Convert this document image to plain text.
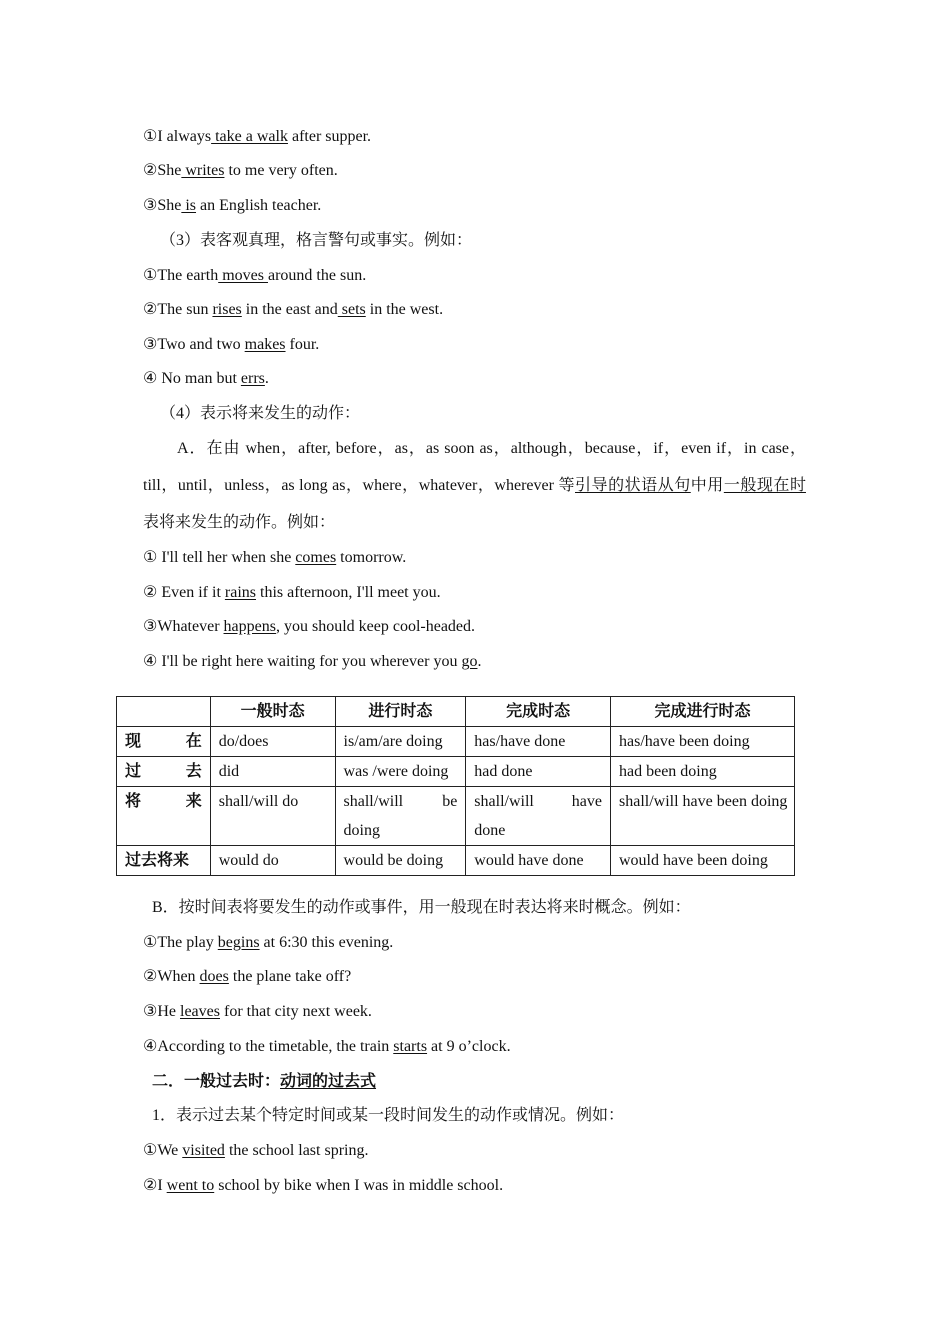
①I always take a walk after supper.
②She writes to me very often.
③She is an English teacher.
（3）表客观真理，格言警句或事实。例如：
①The earth moves around the sun.
②The sun rises in the east and sets in the west.
③Two and two makes four.
④ No man but errs.
（4）表示将来发生的动作：
A．在由 when，after, before，as，as soon as，although，because，if，even if，in case，till，until，unless，as long as，where，whatever，wherever 等引导的状语从句中用一般现在时表将来发生的动作。例如：
① I'll tell her when she comes tomorrow.
② Even if it rains this afternoon, I'll meet you.
③Whatever happens, you should keep cool-headed.
④ I'll be right here waiting for you wherever you go.
	一般时态	进行时态	完成时态	完成进行时态
现在	do/does	is/am/are doing	has/have done	has/have been doing
过去	did	was /were doing	had done	had been doing
将来	shall/will do	shall/will be doing	shall/will have done	shall/will have been doing
过去将来	would do	would be doing	would have done	would have been doing
B．按时间表将要发生的动作或事件，用一般现在时表达将来时概念。例如：
①The play begins at 6:30 this evening.
②When does the plane take off?
③He leaves for that city next week.
④According to the timetable, the train starts at 9 o’clock.
二．一般过去时：动词的过去式
1．表示过去某个特定时间或某一段时间发生的动作或情况。例如：
①We visited the school last spring.
②I went to school by bike when I was in middle school.
